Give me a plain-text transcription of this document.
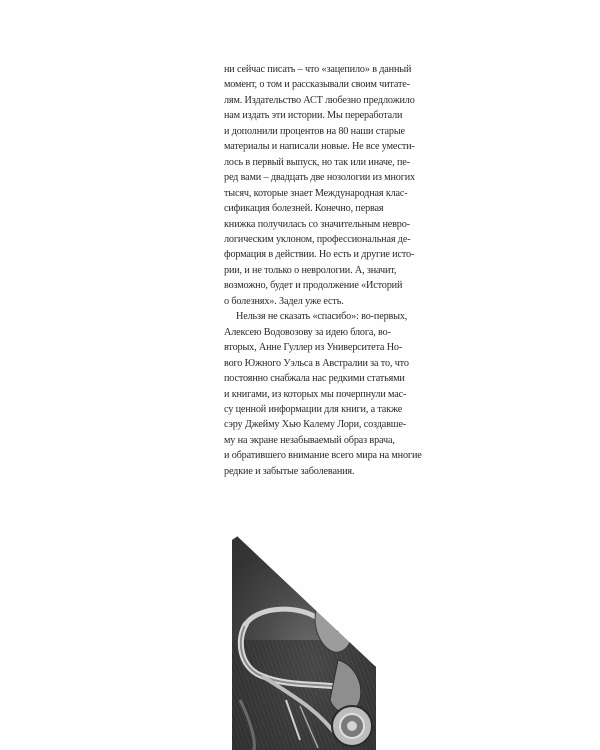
ни сейчас писать – что «зацепило» в данный
момент, о том и рассказывали своим читате-
лям. Издательство АСТ любезно предложило
нам издать эти истории. Мы переработали
и дополнили процентов на 80 наши старые
материалы и написали новые. Не все умести-
лось в первый выпуск, но так или иначе, пе-
ред вами – двадцать две нозологии из многих
тысяч, которые знает Международная клас-
сификация болезней. Конечно, первая
книжка получилась со значительным невро-
логическим уклоном, профессиональная де-
формация в действии. Но есть и другие исто-
рии, и не только о неврологии. А, значит,
возможно, будет и продолжение «Историй
о болезнях». Задел уже есть.
Нельзя не сказать «спасибо»: во-первых,
Алексею Водовозову за идею блога, во-
вторых, Анне Гуллер из Университета Но-
вого Южного Уэльса в Австралии за то, что
постоянно снабжала нас редкими статьями
и книгами, из которых мы почерпнули мас-
су ценной информации для книги, а также
сэру Джейму Хью Калему Лори, создавше-
му на экране незабываемый образ врача,
и обратившего внимание всего мира на многие
редкие и забытые заболевания.
